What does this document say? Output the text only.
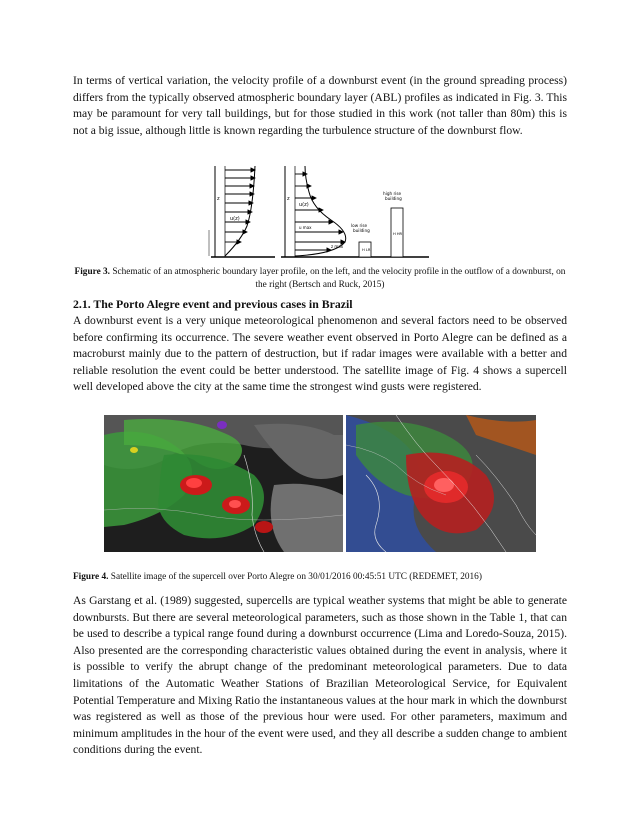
In terms of vertical variation, the velocity profile of a downburst event (in the ground spreading process) differs from the typically observed atmospheric boundary layer (ABL) profiles as indicated in Fig. 3. This may be paramount for very tall buildings, but for those studied in this work (not taller than 80m) this is not a big issue, although little is known regarding the turbulence structure of the downburst flow.

z
u(z)
z
u(z)
u max
z max
low rise building
H LR
high rise building
H HR

Figure 3. Schematic of an atmospheric boundary layer profile, on the left, and the velocity profile in the outflow of a downburst, on the right (Bertsch and Ruck, 2015)

2.1. The Porto Alegre event and previous cases in Brazil

A downburst event is a very unique meteorological phenomenon and several factors need to be observed before confirming its occurrence. The severe weather event observed in Porto Alegre can be defined as a macroburst mainly due to the pattern of destruction, but if radar images were available with a better and reliable resolution the event could be better understood. The satellite image of Fig. 4 shows a supercell well developed above the city at the same time the strongest wind gusts were registered.

Figure 4. Satellite image of the supercell over Porto Alegre on 30/01/2016 00:45:51 UTC (REDEMET, 2016)

As Garstang et al. (1989) suggested, supercells are typical weather systems that might be able to generate downbursts. But there are several meteorological parameters, such as those shown in the Table 1, that can be used to describe a typical range found during a downburst occurrence (Lima and Loredo-Souza, 2015). Also presented are the corresponding characteristic values obtained during the event in analysis, where it is possible to verify the abrupt change of the predominant meteorological parameters. Due to data limitations of the Automatic Weather Stations of Brazilian Meteorological Service, for Equivalent Potential Temperature and Mixing Ratio the instantaneous values at the hour mark in which the downburst was registered as well as those of the previous hour were used. For other parameters, maximum and minimum amplitudes in the hour of the event were used, and they all describe a sudden change to ambient conditions during the event.
